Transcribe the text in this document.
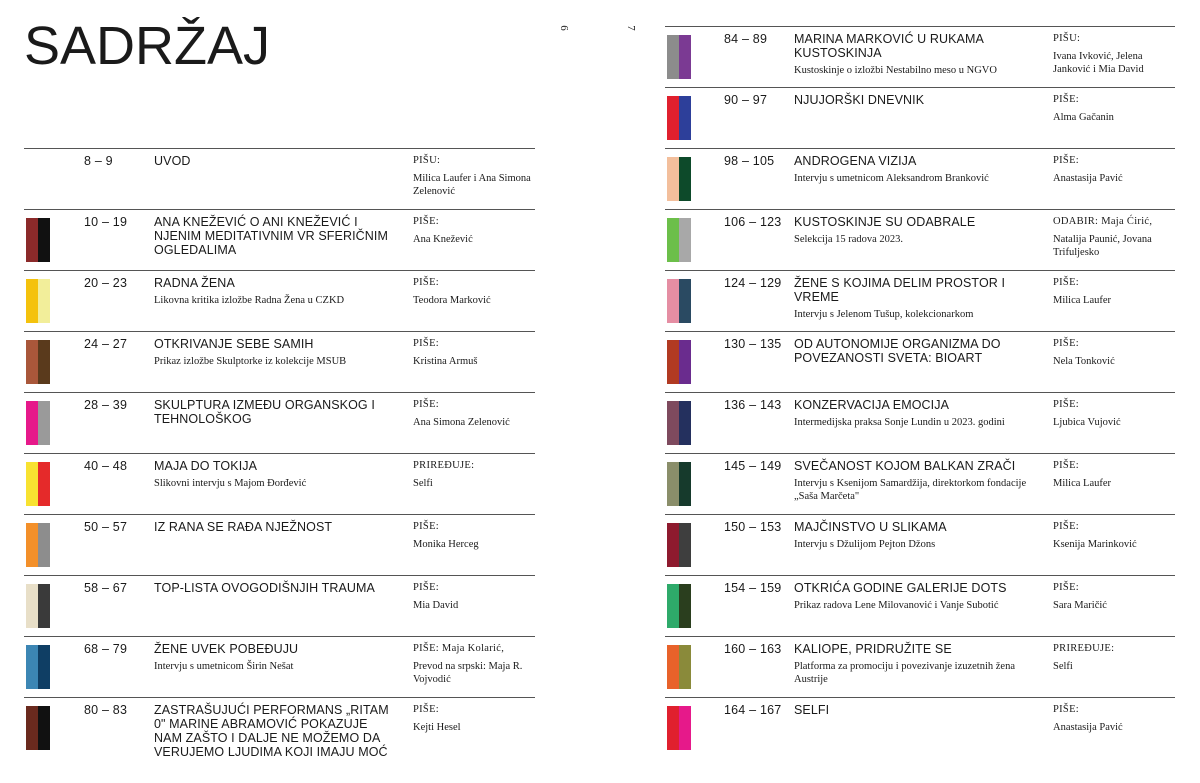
SADRŽAJ	6
8 – 9	UVOD	PIŠU:
Milica Laufer i Ana Simona Zelenović
10 – 19 ANA KNEŽEVIĆ O ANI KNEŽEVIĆ I NJENIM MEDITATIVNIM VR SFERIČNIM OGLEDALIMA
PIŠE:
Ana Knežević
20 – 23 RADNA ŽENA
Likovna kritika izložbe Radna Žena u CZKD
PIŠE:
Teodora Marković
24 – 27 OTKRIVANJE SEBE SAMIH
Prikaz izložbe Skulptorke iz kolekcije MSUB
PIŠE:
Kristina Armuš
28 – 39 SKULPTURA IZMEĐU ORGANSKOG I TEHNOLOŠKOG
PIŠE:
Ana Simona Zelenović
40 – 48 MAJA DO TOKIJA
Slikovni intervju s Majom Đorđević
PRIREĐUJE:
Selfi
50 – 57 IZ RANA SE RAĐA NJEŽNOST	PIŠE:
Monika Herceg
58 – 67 TOP-LISTA OVOGODIŠNJIH TRAUMA	PIŠE:
Mia David
68 – 79 ŽENE UVEK POBEĐUJU
Intervju s umetnicom Širin Nešat
PIŠE: Maja Kolarić,
Prevod na srpski: Maja R. Vojvodić
80 – 83 ZASTRAŠUJUĆI PERFORMANS „RITAM 0" MARINE ABRAMOVIĆ POKAZUJE NAM ZAŠTO I DALJE NE MOŽEMO DA VERUJEMO LJUDIMA KOJI IMAJU MOĆ
PIŠE:
Kejti Hesel
7
84 – 89 MARINA MARKOVIĆ U RUKAMA KUSTOSKINJA
Kustoskinje o izložbi Nestabilno meso u NGVO
PIŠU:
Ivana Ivković, Jelena Janković i Mia David
90 – 97 NJUJORŠKI DNEVNIK	PIŠE:
Alma Gačanin
98 – 105 ANDROGENA VIZIJA
Intervju s umetnicom Aleksandrom Branković
PIŠE:
Anastasija Pavić
106 – 123 KUSTOSKINJE SU ODABRALE
Selekcija 15 radova 2023.
ODABIR: Maja Ćirić,
Natalija Paunić, Jovana Trifuljesko
124 – 129 ŽENE S KOJIMA DELIM PROSTOR I VREME
Intervju s Jelenom Tušup, kolekcionarkom
PIŠE:
Milica Laufer
130 – 135 OD AUTONOMIJE ORGANIZMA DO POVEZANOSTI SVETA: BIOART
PIŠE:
Nela Tonković
136 – 143 KONZERVACIJA EMOCIJA
Intermedijska praksa Sonje Lundin u 2023. godini
PIŠE:
Ljubica Vujović
145 – 149 SVEČANOST KOJOM BALKAN ZRAČI
Intervju s Ksenijom Samardžija, direktorkom fondacije „Saša Marčeta"
PIŠE:
Milica Laufer
150 – 153 MAJČINSTVO U SLIKAMA
Intervju s Džulijom Pejton Džons
PIŠE:
Ksenija Marinković
154 – 159 OTKRIĆA GODINE GALERIJE DOTS
Prikaz radova Lene Milovanović i Vanje Subotić
PIŠE:
Sara Maričić
160 – 163 KALIOPE, PRIDRUŽITE SE
Platforma za promociju i povezivanje izuzetnih žena Austrije
PRIREĐUJE:
Selfi
164 – 167 SELFI	PIŠE:
Anastasija Pavić
